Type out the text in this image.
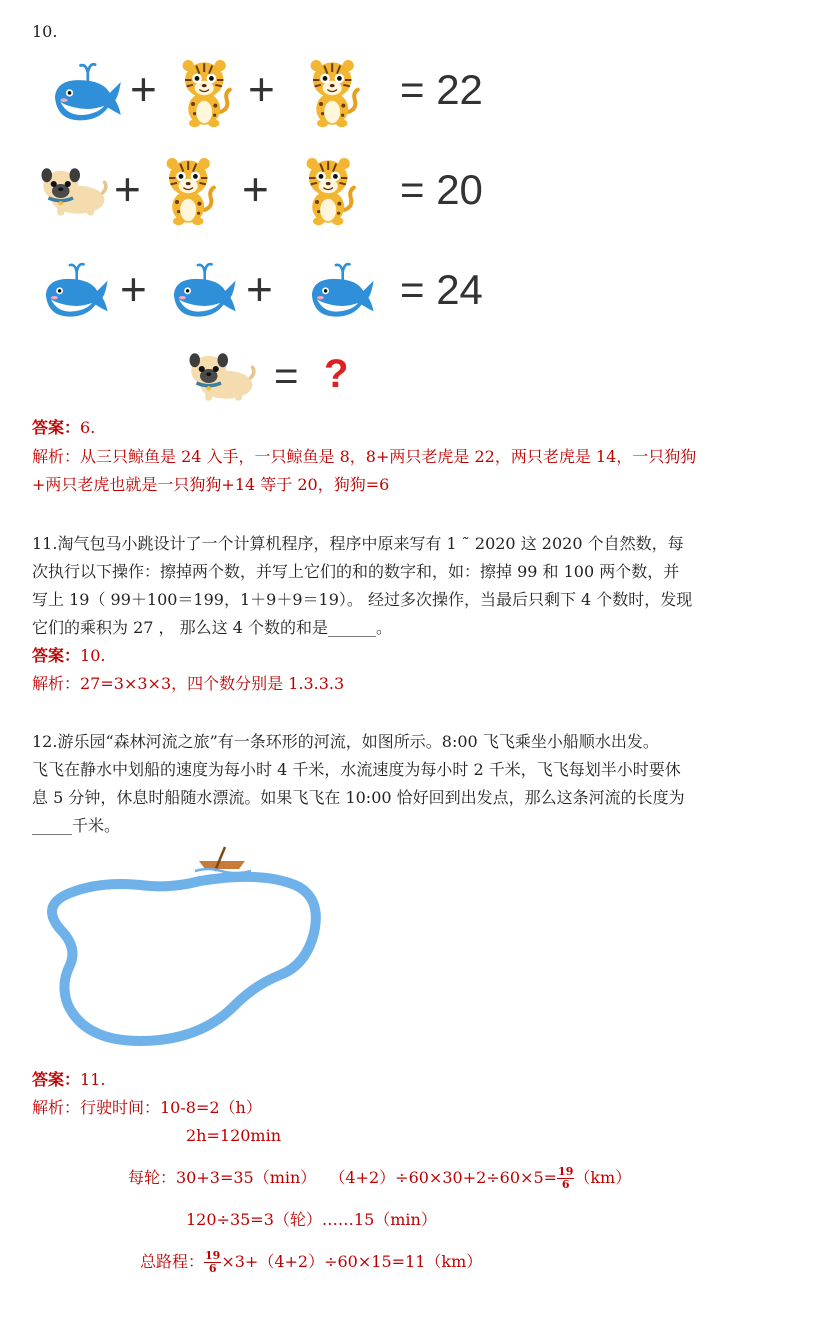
10.
+ +	= 22
+ +	= 20
+ +	= 24
= ?
答案：6.
解析：从三只鲸鱼是 24 入手，一只鲸鱼是 8，8+两只老虎是 22，两只老虎是 14，一只狗狗
+两只老虎也就是一只狗狗+14 等于 20，狗狗=6
11.淘气包马小跳设计了一个计算机程序，程序中原来写有 1 ˜ 2020 这 2020 个自然数，每
次执行以下操作：擦掉两个数，并写上它们的和的数字和，如：擦掉 99 和 100 两个数，并
写上 19（ 99＋100＝199，1＋9＋9＝19）。 经过多次操作，当最后只剩下 4 个数时，发现
它们的乘积为 27 ， 那么这 4 个数的和是______。
答案：10.
解析：27=3×3×3，四个数分别是 1.3.3.3
12.游乐园“森林河流之旅”有一条环形的河流，如图所示。8:00 飞飞乘坐小船顺水出发。
飞飞在静水中划船的速度为每小时 4 千米，水流速度为每小时 2 千米，飞飞每划半小时要休
息 5 分钟，休息时船随水漂流。如果飞飞在 10:00 恰好回到出发点，那么这条河流的长度为
_____千米。
答案：11.
解析：行驶时间：10-8=2（h）
2h=120min
每轮：30+3=35（min）　 $(4+2)\div 60\times 30+2\div 60\times 5= \frac{19}{6} (km)$
120÷35=3（轮）……15（min）
总路程： $\frac{19}{6} \times 3+(4+2)\div 60\times 15=11(km)$
